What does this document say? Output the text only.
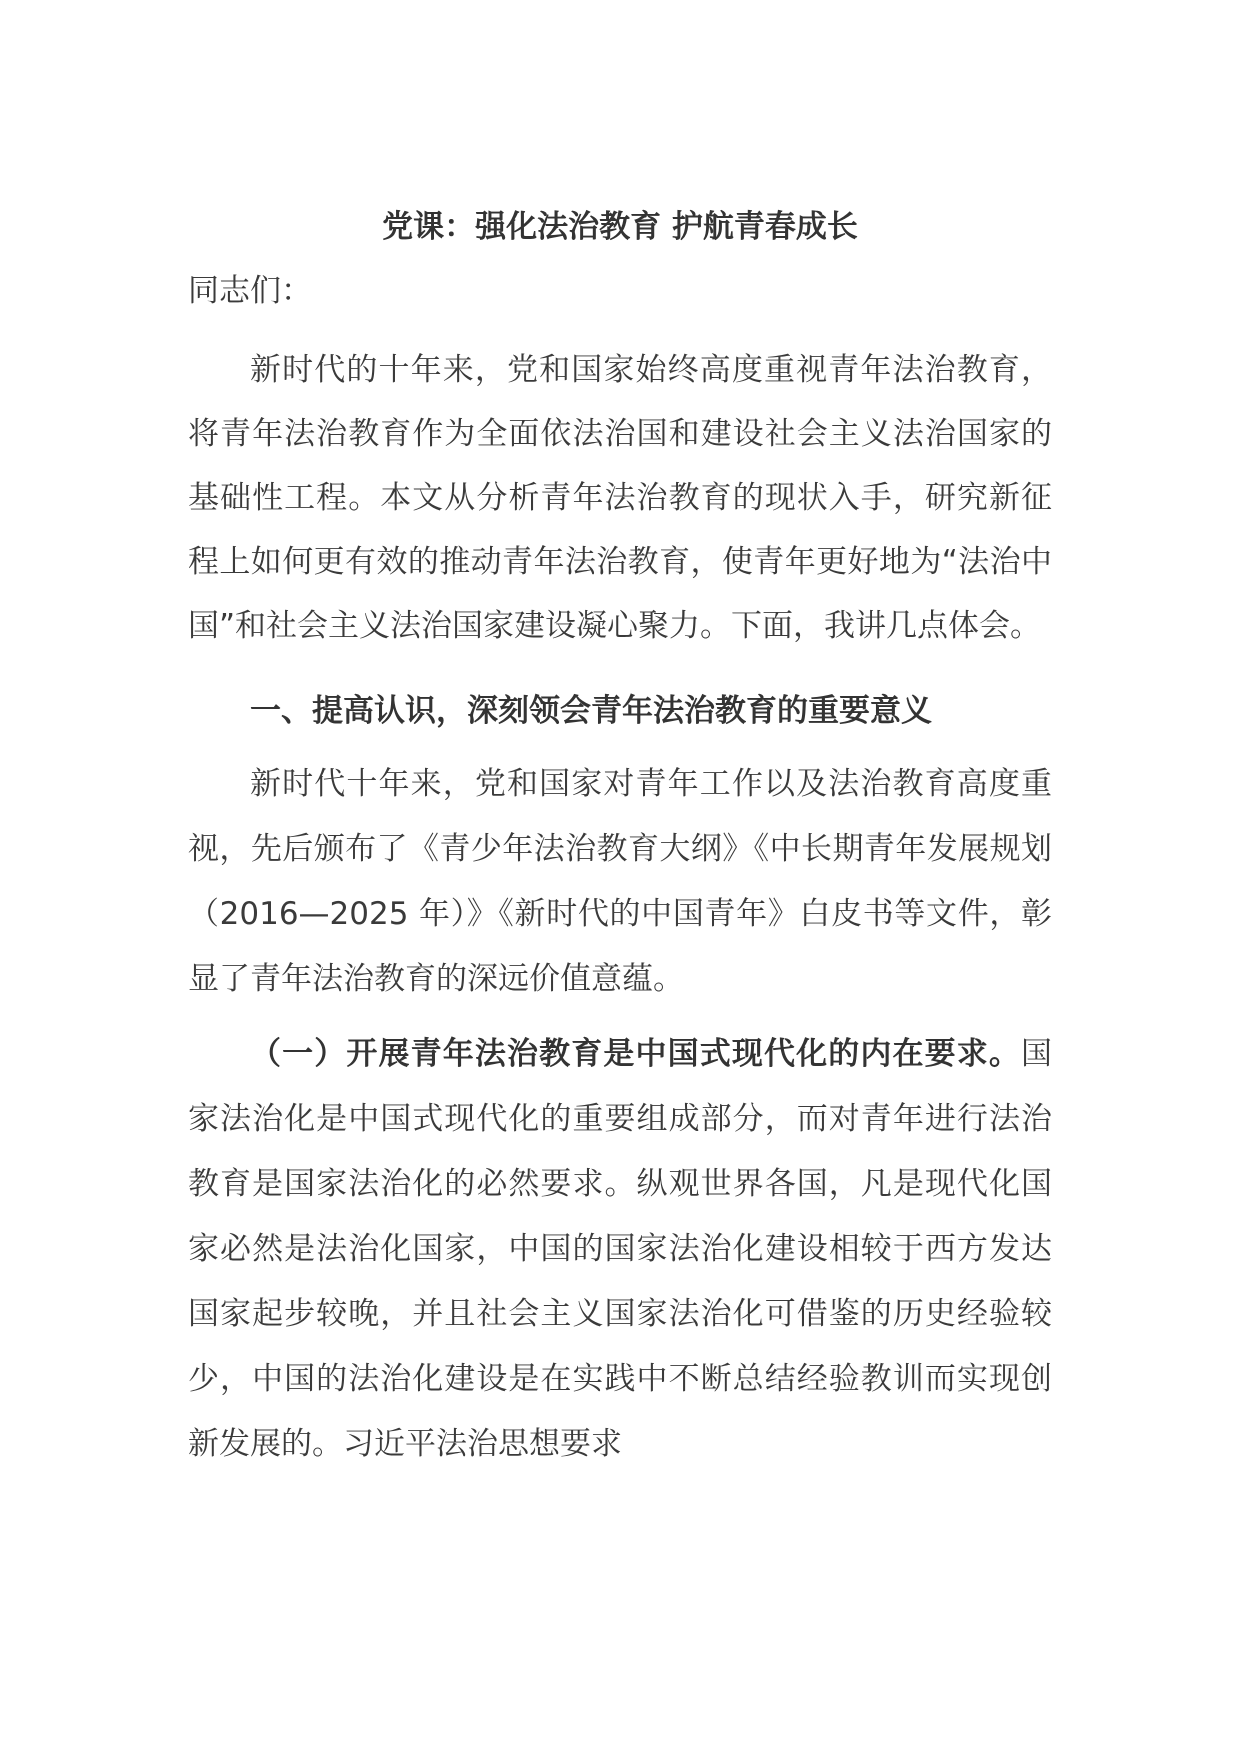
党课：强化法治教育 护航青春成长

同志们：

新时代的十年来，党和国家始终高度重视青年法治教育，将青年法治教育作为全面依法治国和建设社会主义法治国家的基础性工程。本文从分析青年法治教育的现状入手，研究新征程上如何更有效的推动青年法治教育，使青年更好地为“法治中国”和社会主义法治国家建设凝心聚力。下面，我讲几点体会。

一、提高认识，深刻领会青年法治教育的重要意义

新时代十年来，党和国家对青年工作以及法治教育高度重视，先后颁布了《青少年法治教育大纲》《中长期青年发展规划（2016—2025 年）》《新时代的中国青年》白皮书等文件，彰显了青年法治教育的深远价值意蕴。

（一）开展青年法治教育是中国式现代化的内在要求。国家法治化是中国式现代化的重要组成部分，而对青年进行法治教育是国家法治化的必然要求。纵观世界各国，凡是现代化国家必然是法治化国家，中国的国家法治化建设相较于西方发达国家起步较晚，并且社会主义国家法治化可借鉴的历史经验较少，中国的法治化建设是在实践中不断总结经验教训而实现创新发展的。习近平法治思想要求
